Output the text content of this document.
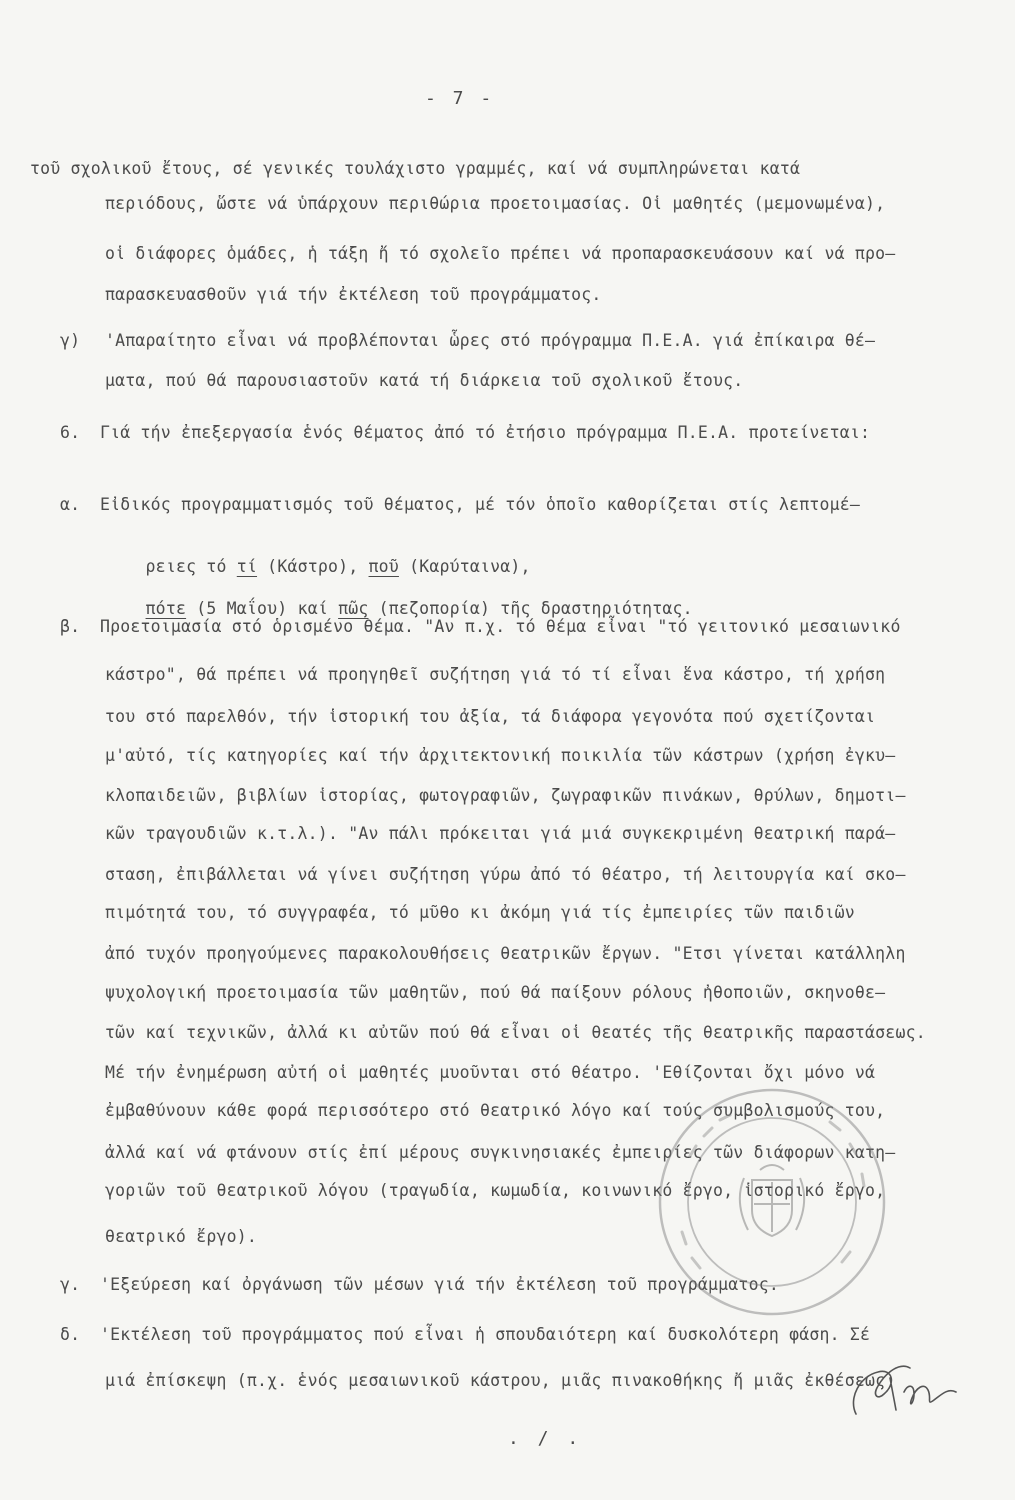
- 7 -
τοῦ σχολικοῦ ἔτους, σέ γενικές τουλάχιστο γραμμές, καί νά συμπληρώνεται κατά
περιόδους, ὥστε νά ὑπάρχουν περιθώρια προετοιμασίας. Οἱ μαθητές (μεμονωμένα),
οἱ διάφορες ὁμάδες, ἡ τάξη ἤ τό σχολεῖο πρέπει νά προπαρασκευάσουν καί νά προ–
παρασκευασθοῦν γιά τήν ἐκτέλεση τοῦ προγράμματος.
γ) 'Απαραίτητο εἶναι νά προβλέπονται ὧρες στό πρόγραμμα Π.Ε.Α. γιά ἐπίκαιρα θέ–
ματα, πού θά παρουσιαστοῦν κατά τή διάρκεια τοῦ σχολικοῦ ἔτους.
6. Γιά τήν ἐπεξεργασία ἑνός θέματος ἀπό τό ἐτήσιο πρόγραμμα Π.Ε.Α. προτείνεται:
α. Εἰδικός προγραμματισμός τοῦ θέματος, μέ τόν ὁποῖο καθορίζεται στίς λεπτομέ–

ρειες τό τί (Κάστρο), ποῦ (Καρύταινα),

πότε (5 Μαΐου) καί πῶς (πεζοπορία) τῆς δραστηριότητας.

β. Προετοιμασία στό ὁρισμένο θέμα. "Αν π.χ. τό θέμα εἶναι "τό γειτονικό μεσαιωνικό
κάστρο", θά πρέπει νά προηγηθεῖ συζήτηση γιά τό τί εἶναι ἕνα κάστρο, τή χρήση
του στό παρελθόν, τήν ἱστορική του ἀξία, τά διάφορα γεγονότα πού σχετίζονται
μ'αὐτό, τίς κατηγορίες καί τήν ἀρχιτεκτονική ποικιλία τῶν κάστρων (χρήση ἐγκυ–
κλοπαιδειῶν, βιβλίων ἱστορίας, φωτογραφιῶν, ζωγραφικῶν πινάκων, θρύλων, δημοτι–
κῶν τραγουδιῶν κ.τ.λ.). "Αν πάλι πρόκειται γιά μιά συγκεκριμένη θεατρική παρά–
σταση, ἐπιβάλλεται νά γίνει συζήτηση γύρω ἀπό τό θέατρο, τή λειτουργία καί σκο–
πιμότητά του, τό συγγραφέα, τό μῦθο κι ἀκόμη γιά τίς ἐμπειρίες τῶν παιδιῶν
ἀπό τυχόν προηγούμενες παρακολουθήσεις θεατρικῶν ἔργων. "Ετσι γίνεται κατάλληλη
ψυχολογική προετοιμασία τῶν μαθητῶν, πού θά παίξουν ρόλους ἠθοποιῶν, σκηνοθε–
τῶν καί τεχνικῶν, ἀλλά κι αὐτῶν πού θά εἶναι οἱ θεατές τῆς θεατρικῆς παραστάσεως.
Μέ τήν ἐνημέρωση αὐτή οἱ μαθητές μυοῦνται στό θέατρο. 'Εθίζονται ὄχι μόνο νά
ἐμβαθύνουν κάθε φορά περισσότερο στό θεατρικό λόγο καί τούς συμβολισμούς του,
ἀλλά καί νά φτάνουν στίς ἐπί μέρους συγκινησιακές ἐμπειρίες τῶν διάφορων κατη–
γοριῶν τοῦ θεατρικοῦ λόγου (τραγωδία, κωμωδία, κοινωνικό ἔργο, ἱστορικό ἔργο,
θεατρικό ἔργο).
γ. 'Εξεύρεση καί ὀργάνωση τῶν μέσων γιά τήν ἐκτέλεση τοῦ προγράμματος.
δ. 'Εκτέλεση τοῦ προγράμματος πού εἶναι ἡ σπουδαιότερη καί δυσκολότερη φάση. Σέ
μιά ἐπίσκεψη (π.χ. ἑνός μεσαιωνικοῦ κάστρου, μιᾶς πινακοθήκης ἤ μιᾶς ἐκθέσεως
. / .
